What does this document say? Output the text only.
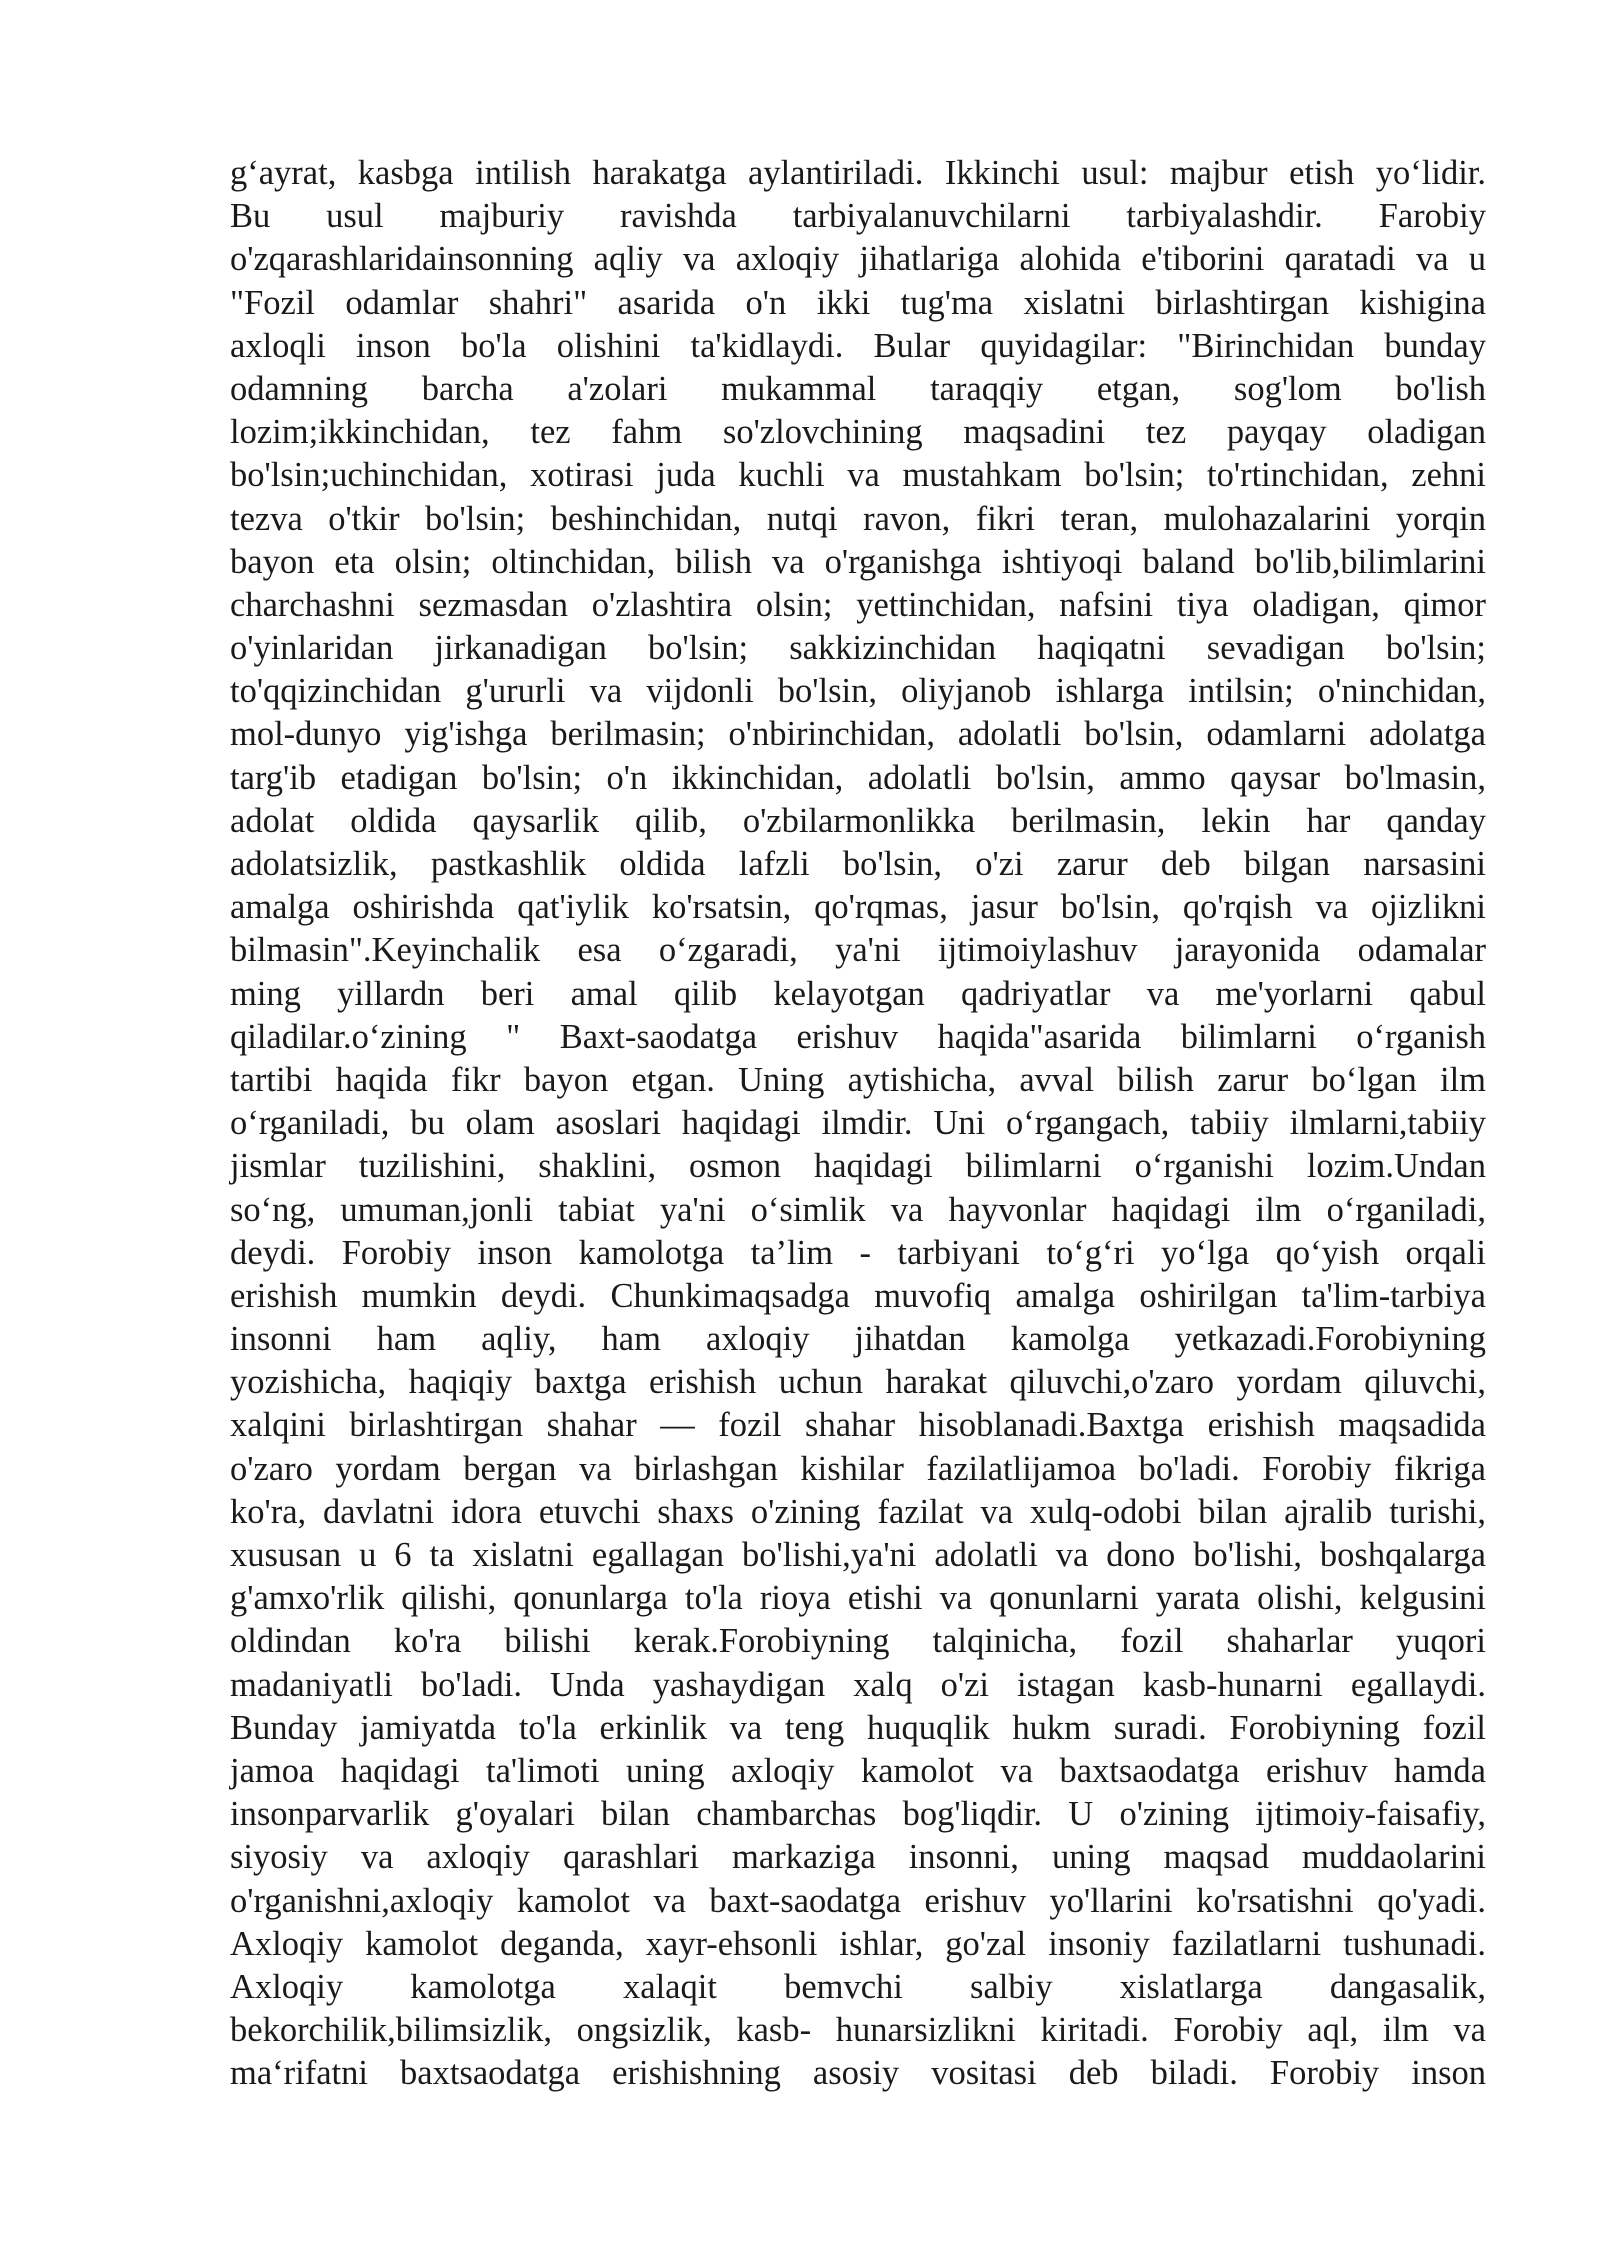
g‘ayrat, kasbga intilish harakatga aylantiriladi. Ikkinchi usul: majbur etish yo‘lidir.
Bu usul majburiy ravishda tarbiyalanuvchilarni tarbiyalashdir. Farobiy
o'zqarashlaridainsonning aqliy va axloqiy jihatlariga alohida e'tiborini qaratadi va u
"Fozil odamlar shahri" asarida o'n ikki tug'ma xislatni birlashtirgan kishigina
axloqli inson bo'la olishini ta'kidlaydi. Bular quyidagilar: "Birinchidan bunday
odamning barcha a'zolari mukammal taraqqiy etgan, sog'lom bo'lish
lozim;ikkinchidan, tez fahm so'zlovchining maqsadini tez payqay oladigan
bo'lsin;uchinchidan, xotirasi juda kuchli va mustahkam bo'lsin; to'rtinchidan, zehni
tezva o'tkir bo'lsin; beshinchidan, nutqi ravon, fikri teran, mulohazalarini yorqin
bayon eta olsin; oltinchidan, bilish va o'rganishga ishtiyoqi baland bo'lib,bilimlarini
charchashni sezmasdan o'zlashtira olsin; yettinchidan, nafsini tiya oladigan, qimor
o'yinlaridan jirkanadigan bo'lsin; sakkizinchidan haqiqatni sevadigan bo'lsin;
to'qqizinchidan g'ururli va vijdonli bo'lsin, oliyjanob ishlarga intilsin; o'ninchidan,
mol-dunyo yig'ishga berilmasin; o'nbirinchidan, adolatli bo'lsin, odamlarni adolatga
targ'ib etadigan bo'lsin; o'n ikkinchidan, adolatli bo'lsin, ammo qaysar bo'lmasin,
adolat oldida qaysarlik qilib, o'zbilarmonlikka berilmasin, lekin har qanday
adolatsizlik, pastkashlik oldida lafzli bo'lsin, o'zi zarur deb bilgan narsasini
amalga oshirishda qat'iylik ko'rsatsin, qo'rqmas, jasur bo'lsin, qo'rqish va ojizlikni
bilmasin".Keyinchalik esa o‘zgaradi, ya'ni ijtimoiylashuv jarayonida odamalar
ming yillardn beri amal qilib kelayotgan qadriyatlar va me'yorlarni qabul
qiladilar.o‘zining " Baxt-saodatga erishuv haqida"asarida bilimlarni o‘rganish
tartibi haqida fikr bayon etgan. Uning aytishicha, avval bilish zarur bo‘lgan ilm
o‘rganiladi, bu olam asoslari haqidagi ilmdir. Uni o‘rgangach, tabiiy ilmlarni,tabiiy
jismlar tuzilishini, shaklini, osmon haqidagi bilimlarni o‘rganishi lozim.Undan
so‘ng, umuman,jonli tabiat ya'ni o‘simlik va hayvonlar haqidagi ilm o‘rganiladi,
deydi. Forobiy inson kamolotga ta’lim - tarbiyani to‘g‘ri yo‘lga qo‘yish orqali
erishish mumkin deydi. Chunkimaqsadga muvofiq amalga oshirilgan ta'lim-tarbiya
insonni ham aqliy, ham axloqiy jihatdan kamolga yetkazadi.Forobiyning
yozishicha, haqiqiy baxtga erishish uchun harakat qiluvchi,o'zaro yordam qiluvchi,
xalqini birlashtirgan shahar — fozil shahar hisoblanadi.Baxtga erishish maqsadida
o'zaro yordam bergan va birlashgan kishilar fazilatlijamoa bo'ladi. Forobiy fikriga
ko'ra, davlatni idora etuvchi shaxs o'zining fazilat va xulq-odobi bilan ajralib turishi,
xususan u 6 ta xislatni egallagan bo'lishi,ya'ni adolatli va dono bo'lishi, boshqalarga
g'amxo'rlik qilishi, qonunlarga to'la rioya etishi va qonunlarni yarata olishi, kelgusini
oldindan ko'ra bilishi kerak.Forobiyning talqinicha, fozil shaharlar yuqori
madaniyatli bo'ladi. Unda yashaydigan xalq o'zi istagan kasb-hunarni egallaydi.
Bunday jamiyatda to'la erkinlik va teng huquqlik hukm suradi. Forobiyning fozil
jamoa haqidagi ta'limoti uning axloqiy kamolot va baxtsaodatga erishuv hamda
insonparvarlik g'oyalari bilan chambarchas bog'liqdir. U o'zining ijtimoiy-faisafiy,
siyosiy va axloqiy qarashlari markaziga insonni, uning maqsad muddaolarini
o'rganishni,axloqiy kamolot va baxt-saodatga erishuv yo'llarini ko'rsatishni qo'yadi.
Axloqiy kamolot deganda, xayr-ehsonli ishlar, go'zal insoniy fazilatlarni tushunadi.
Axloqiy kamolotga xalaqit bemvchi salbiy xislatlarga dangasalik,
bekorchilik,bilimsizlik, ongsizlik, kasb- hunarsizlikni kiritadi. Forobiy aql, ilm va
ma‘rifatni baxtsaodatga erishishning asosiy vositasi deb biladi. Forobiy inson
